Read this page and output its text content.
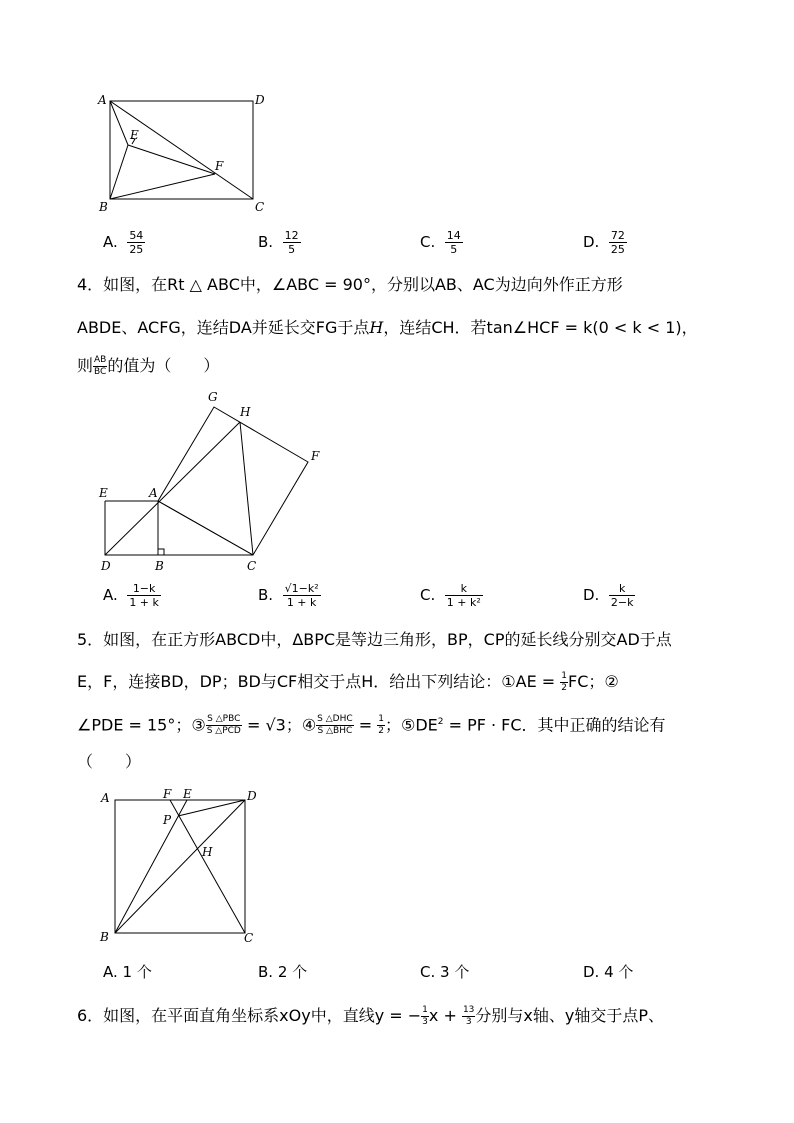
A	D
E
F
B	C
A. $\frac{54}{25}$	B. $\frac{12}{5}$	C. $\frac{14}{5}$	D. $\frac{72}{25}$
4．如图，在Rt △ ABC中，∠ABC = 90°，分别以AB、AC为边向外作正方形
ABDE、ACFG，连结DA并延长交FG于点H，连结CH．若tan∠HCF = k(0 < k < 1)，
则 $\frac{AB}{BC}$ 的值为（　　）
G
H
F
E	A
D	B	C
A. $\frac{1-k}{1 + k}$	B. $\frac{\text{√1−k²}}{1 + k}$	C. $\frac{k}{\text{1 + k²}}$	D. $\frac{k}{2-k}$
5．如图，在正方形ABCD中，ΔBPC是等边三角形，BP，CP的延长线分别交AD于点
E，F，连接BD，DP；BD与CF相交于点H．给出下列结论：①AE = $\frac{1}{2}$ FC；②
∠PDE = 15°；③ $\frac{\text{S △PBC}}{\text{S △PCD}} = √3$；④ $\frac{\text{S △DHC}}{\text{S △BHC}} = \frac{1}{2}$ ；$⑤DE^2$ = PF · FC．其中正确的结论有
（　　）
A	F E	D
P
H
B	C
A. 1 个	B. 2 个	C. 3 个	D. 4 个
6．如图，在平面直角坐标系xOy中，直线y = − $\frac{1}{3}$ $x + \frac{13}{3}$ 分别与x轴、y轴交于点P、
